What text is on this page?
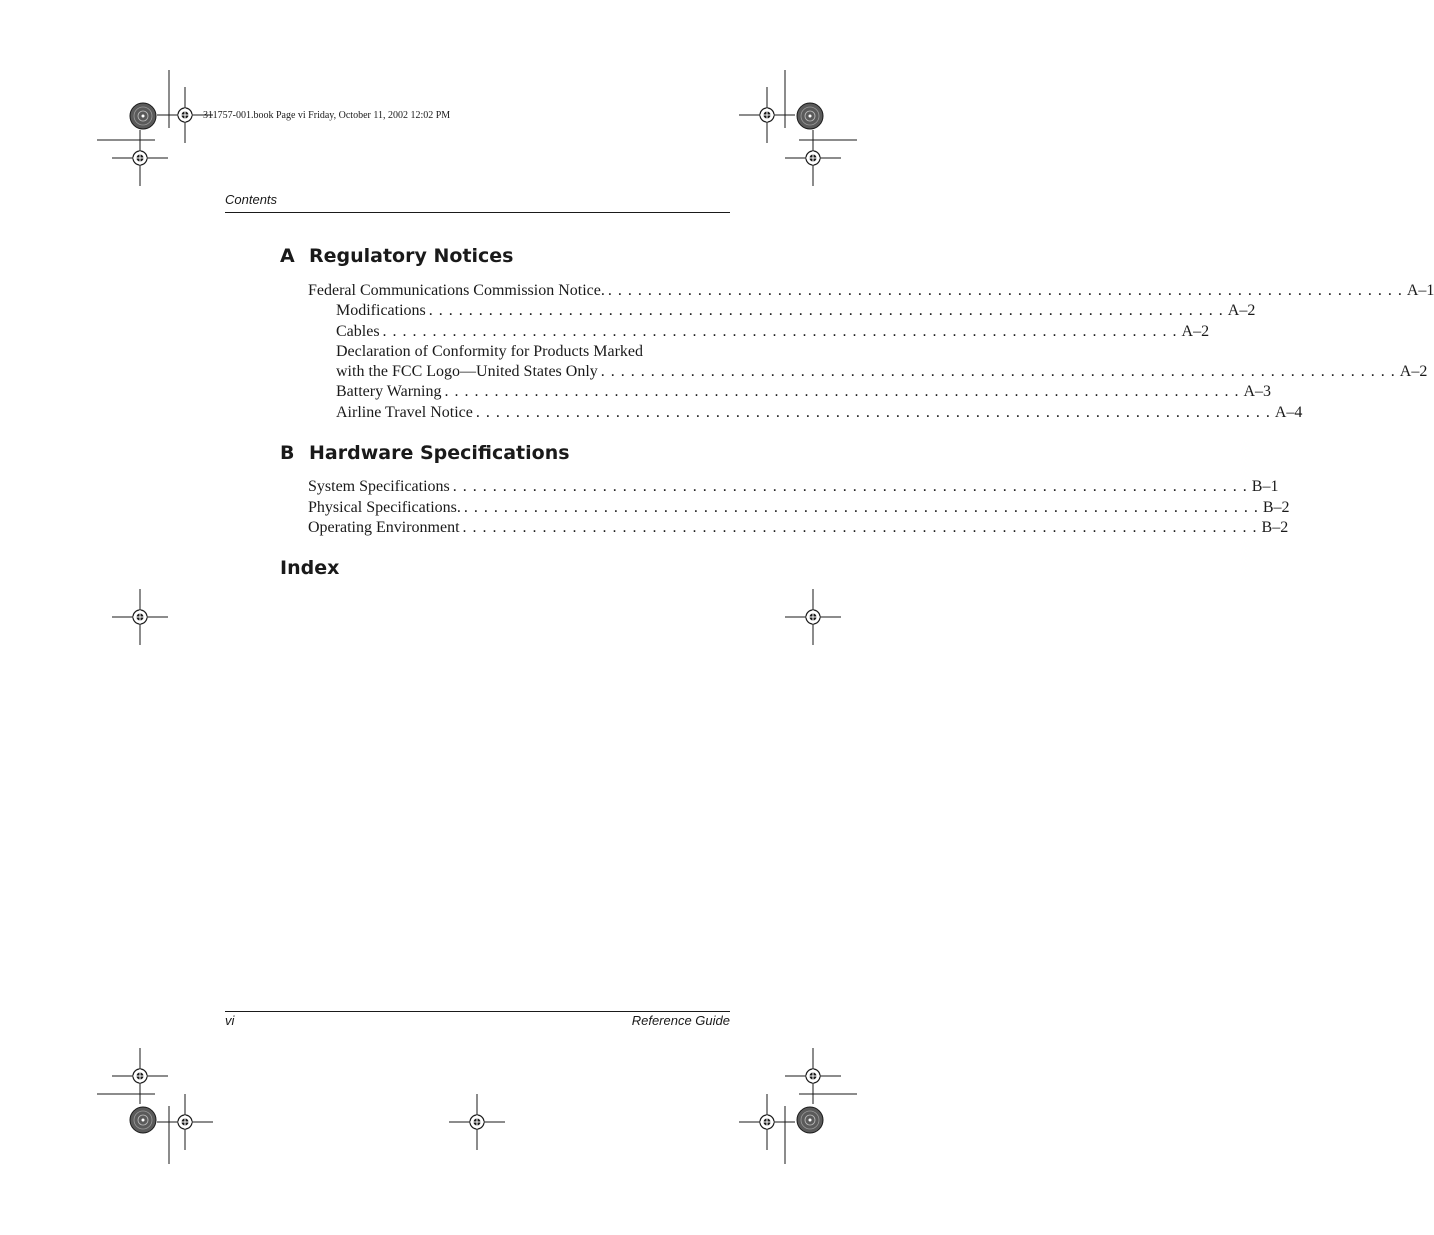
311757-001.book Page vi Friday, October 11, 2002 12:02 PM
Contents
A Regulatory Notices
Federal Communications Commission Notice. . . . . . . . . . . . . . . . . . . . . . . . . . . . . . . . . . . . . . . . . . . . . . . . . . . . . . . . . . . . . . . . . . . . . . . . . . . . . . . . . A–1
Modifications . . . . . . . . . . . . . . . . . . . . . . . . . . . . . . . . . . . . . . . . . . . . . . . . . . . . . . . . . . . . . . . . . . . . . . . . . . . . . . . . A–2
Cables . . . . . . . . . . . . . . . . . . . . . . . . . . . . . . . . . . . . . . . . . . . . . . . . . . . . . . . . . . . . . . . . . . . . . . . . . . . . . . . . A–2
Declaration of Conformity for Products Marked
with the FCC Logo—United States Only . . . . . . . . . . . . . . . . . . . . . . . . . . . . . . . . . . . . . . . . . . . . . . . . . . . . . . . . . . . . . . . . . . . . . . . . . . . . . . . . A–2
Battery Warning . . . . . . . . . . . . . . . . . . . . . . . . . . . . . . . . . . . . . . . . . . . . . . . . . . . . . . . . . . . . . . . . . . . . . . . . . . . . . . . . A–3
Airline Travel Notice . . . . . . . . . . . . . . . . . . . . . . . . . . . . . . . . . . . . . . . . . . . . . . . . . . . . . . . . . . . . . . . . . . . . . . . . . . . . . . . . A–4
B Hardware Specifications
System Specifications . . . . . . . . . . . . . . . . . . . . . . . . . . . . . . . . . . . . . . . . . . . . . . . . . . . . . . . . . . . . . . . . . . . . . . . . . . . . . . . . B–1
Physical Specifications. . . . . . . . . . . . . . . . . . . . . . . . . . . . . . . . . . . . . . . . . . . . . . . . . . . . . . . . . . . . . . . . . . . . . . . . . . . . . . . . . B–2
Operating Environment . . . . . . . . . . . . . . . . . . . . . . . . . . . . . . . . . . . . . . . . . . . . . . . . . . . . . . . . . . . . . . . . . . . . . . . . . . . . . . . . B–2
Index
vi	Reference Guide
